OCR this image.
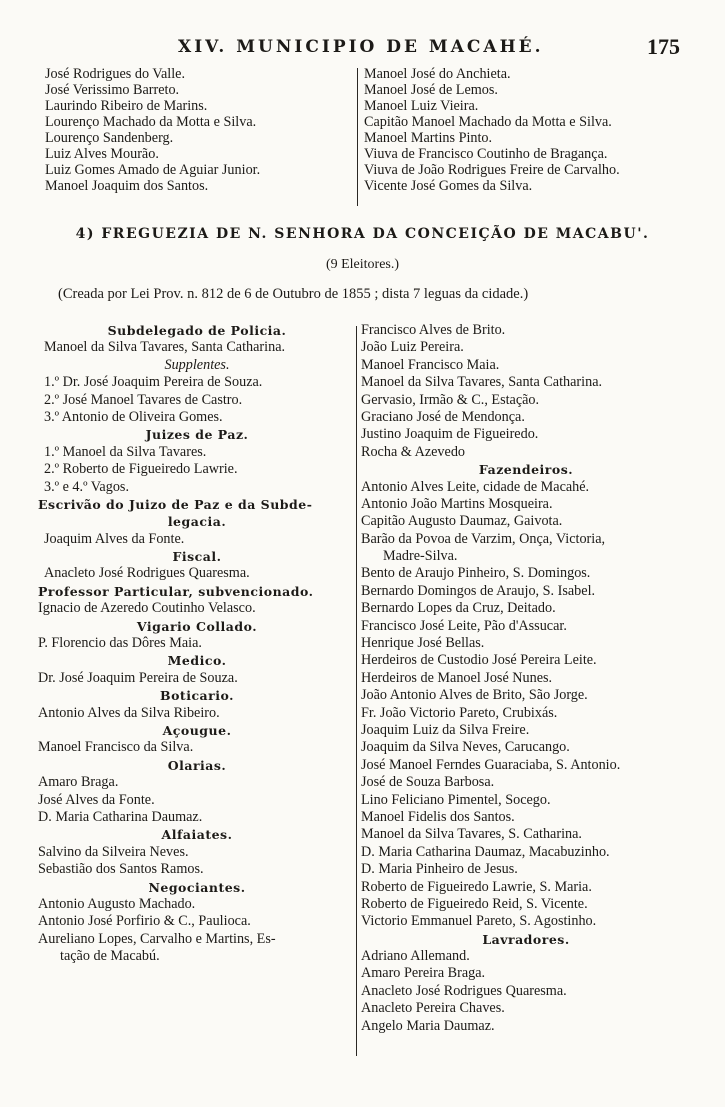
XIV. MUNICIPIO DE MACAHÉ.	175
José Rodrigues do Valle.
José Verissimo Barreto.
Laurindo Ribeiro de Marins.
Lourenço Machado da Motta e Silva.
Lourenço Sandenberg.
Luiz Alves Mourão.
Luiz Gomes Amado de Aguiar Junior.
Manoel Joaquim dos Santos.
Manoel José do Anchieta.
Manoel José de Lemos.
Manoel Luiz Vieira.
Capitão Manoel Machado da Motta e Silva.
Manoel Martins Pinto.
Viuva de Francisco Coutinho de Bragança.
Viuva de João Rodrigues Freire de Carvalho.
Vicente José Gomes da Silva.
4) FREGUEZIA DE N. SENHORA DA CONCEIÇÃO DE MACABU'.
(9 Eleitores.)
(Creada por Lei Prov. n. 812 de 6 de Outubro de 1855 ; dista 7 leguas da cidade.)
Subdelegado de Policia.
Manoel da Silva Tavares, Santa Catharina.
Supplentes.
1.º Dr. José Joaquim Pereira de Souza.
2.º José Manoel Tavares de Castro.
3.º Antonio de Oliveira Gomes.
Juizes de Paz.
1.º Manoel da Silva Tavares.
2.º Roberto de Figueiredo Lawrie.
3.º e 4.º Vagos.
Escrivão do Juizo de Paz e da Subde-
legacia.
Joaquim Alves da Fonte.
Fiscal.
Anacleto José Rodrigues Quaresma.
Professor Particular, subvencionado.
Ignacio de Azeredo Coutinho Velasco.
Vigario Collado.
P. Florencio das Dôres Maia.
Medico.
Dr. José Joaquim Pereira de Souza.
Boticario.
Antonio Alves da Silva Ribeiro.
Açougue.
Manoel Francisco da Silva.
Olarias.
Amaro Braga.
José Alves da Fonte.
D. Maria Catharina Daumaz.
Alfaiates.
Salvino da Silveira Neves.
Sebastião dos Santos Ramos.
Negociantes.
Antonio Augusto Machado.
Antonio José Porfirio & C., Paulioca.
Aureliano Lopes, Carvalho e Martins, Es-
tação de Macabú.
Francisco Alves de Brito.
João Luiz Pereira.
Manoel Francisco Maia.
Manoel da Silva Tavares, Santa Catharina.
Gervasio, Irmão & C., Estação.
Graciano José de Mendonça.
Justino Joaquim de Figueiredo.
Rocha & Azevedo
Fazendeiros.
Antonio Alves Leite, cidade de Macahé.
Antonio João Martins Mosqueira.
Capitão Augusto Daumaz, Gaivota.
Barão da Povoa de Varzim, Onça, Victoria,
Madre-Silva.
Bento de Araujo Pinheiro, S. Domingos.
Bernardo Domingos de Araujo, S. Isabel.
Bernardo Lopes da Cruz, Deitado.
Francisco José Leite, Pão d'Assucar.
Henrique José Bellas.
Herdeiros de Custodio José Pereira Leite.
Herdeiros de Manoel José Nunes.
João Antonio Alves de Brito, São Jorge.
Fr. João Victorio Pareto, Crubixás.
Joaquim Luiz da Silva Freire.
Joaquim da Silva Neves, Carucango.
José Manoel Ferndes Guaraciaba, S. Antonio.
José de Souza Barbosa.
Lino Feliciano Pimentel, Socego.
Manoel Fidelis dos Santos.
Manoel da Silva Tavares, S. Catharina.
D. Maria Catharina Daumaz, Macabuzinho.
D. Maria Pinheiro de Jesus.
Roberto de Figueiredo Lawrie, S. Maria.
Roberto de Figueiredo Reid, S. Vicente.
Victorio Emmanuel Pareto, S. Agostinho.
Lavradores.
Adriano Allemand.
Amaro Pereira Braga.
Anacleto José Rodrigues Quaresma.
Anacleto Pereira Chaves.
Angelo Maria Daumaz.
